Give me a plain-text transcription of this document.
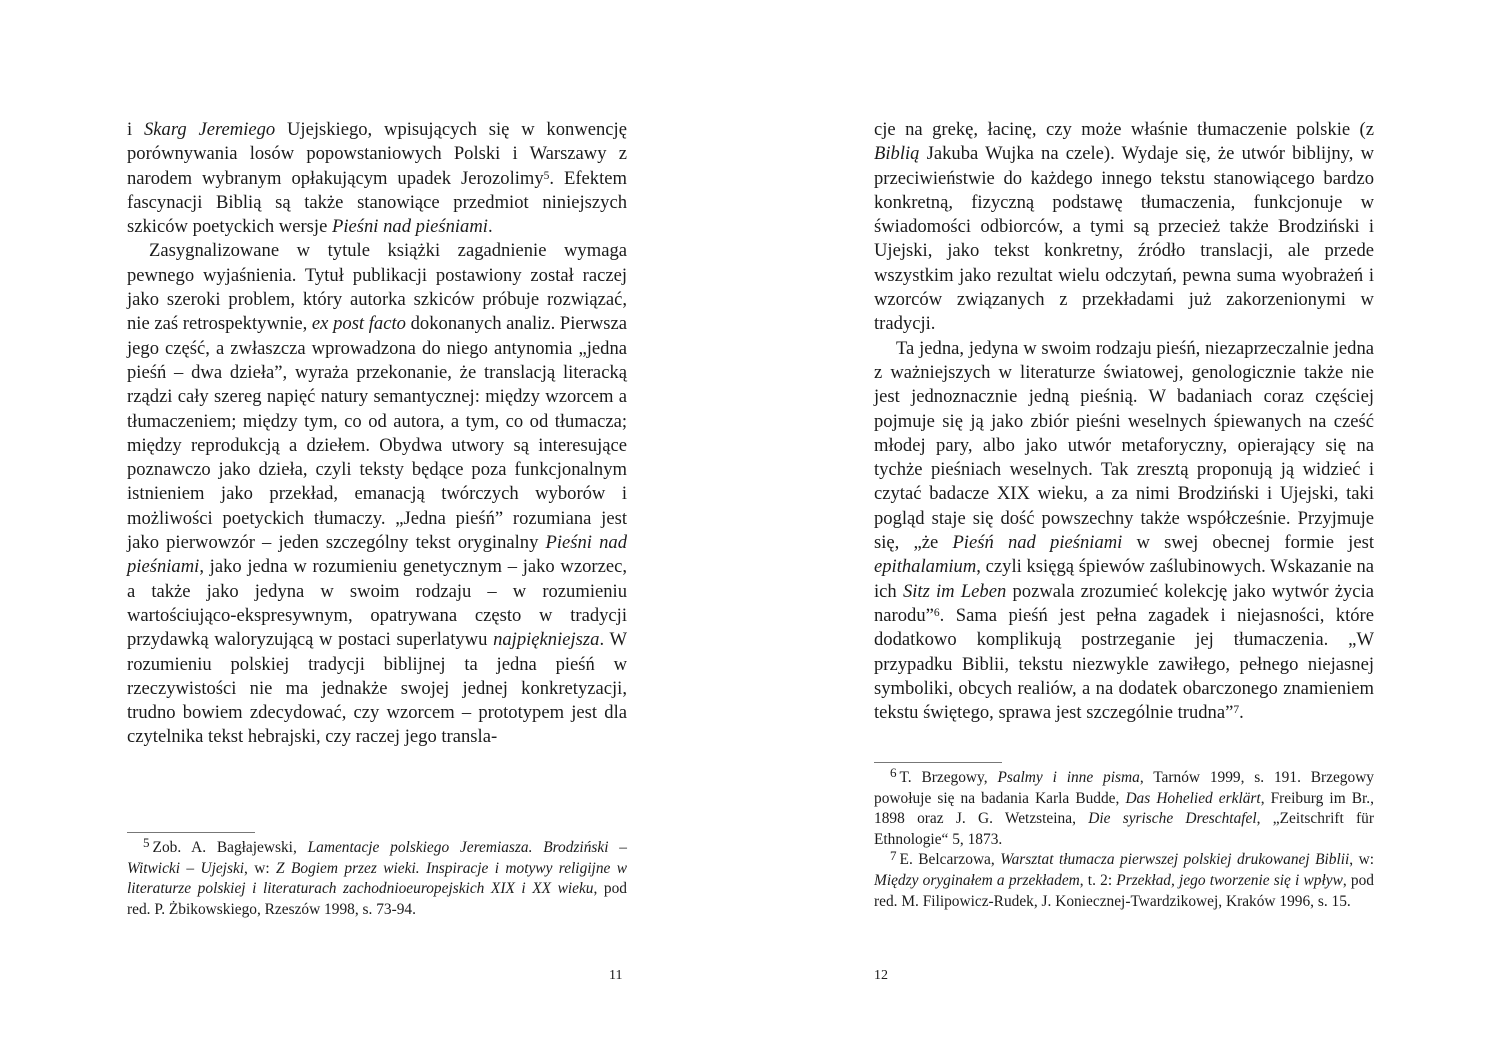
i Skarg Jeremiego Ujejskiego, wpisujących się w konwencję porównywania losów popowstaniowych Polski i Warszawy z narodem wybranym opłakującym upadek Jerozolimy$^5$. Efektem fascynacji Biblią są także stanowiące przedmiot niniejszych szkiców poetyckich wersje Pieśni nad pieśniami.

Zasygnalizowane w tytule książki zagadnienie wymaga pewnego wyjaśnienia. Tytuł publikacji postawiony został raczej jako szeroki problem, który autorka szkiców próbuje rozwiązać, nie zaś retrospektywnie, ex post facto dokonanych analiz. Pierwsza jego część, a zwłaszcza wprowadzona do niego antynomia „jedna pieśń – dwa dzieła”, wyraża przekonanie, że translacją literacką rządzi cały szereg napięć natury semantycznej: między wzorcem a tłumaczeniem; między tym, co od autora, a tym, co od tłumacza; między reprodukcją a dziełem. Obydwa utwory są interesujące poznawczo jako dzieła, czyli teksty będące poza funkcjonalnym istnieniem jako przekład, emanacją twórczych wyborów i możliwości poetyckich tłumaczy. „Jedna pieśń” rozumiana jest jako pierwowzór – jeden szczególny tekst oryginalny Pieśni nad pieśniami, jako jedna w rozumieniu genetycznym – jako wzorzec, a także jako jedyna w swoim rodzaju – w rozumieniu wartościująco-ekspresywnym, opatrywana często w tradycji przydawką waloryzującą w postaci superlatywu najpiękniejsza. W rozumieniu polskiej tradycji biblijnej ta jedna pieśń w rzeczywistości nie ma jednakże swojej jednej konkretyzacji, trudno bowiem zdecydować, czy wzorcem – prototypem jest dla czytelnika tekst hebrajski, czy raczej jego transla-

$^5$ Zob. A. Bagłajewski, Lamentacje polskiego Jeremiasza. Brodziński – Witwicki – Ujejski, w: Z Bogiem przez wieki. Inspiracje i motywy religijne w literaturze polskiej i literaturach zachodnioeuropejskich XIX i XX wieku, pod red. P. Żbikowskiego, Rzeszów 1998, s. 73-94.

cje na grekę, łacinę, czy może właśnie tłumaczenie polskie (z Biblią Jakuba Wujka na czele). Wydaje się, że utwór biblijny, w przeciwieństwie do każdego innego tekstu stanowiącego bardzo konkretną, fizyczną podstawę tłumaczenia, funkcjonuje w świadomości odbiorców, a tymi są przecież także Brodziński i Ujejski, jako tekst konkretny, źródło translacji, ale przede wszystkim jako rezultat wielu odczytań, pewna suma wyobrażeń i wzorców związanych z przekładami już zakorzenionymi w tradycji.

Ta jedna, jedyna w swoim rodzaju pieśń, niezaprzeczalnie jedna z ważniejszych w literaturze światowej, genologicznie także nie jest jednoznacznie jedną pieśnią. W badaniach coraz częściej pojmuje się ją jako zbiór pieśni weselnych śpiewanych na cześć młodej pary, albo jako utwór metaforyczny, opierający się na tychże pieśniach weselnych. Tak zresztą proponują ją widzieć i czytać badacze XIX wieku, a za nimi Brodziński i Ujejski, taki pogląd staje się dość powszechny także współcześnie. Przyjmuje się, „że Pieśń nad pieśniami w swej obecnej formie jest epithalamium, czyli księgą śpiewów zaślubinowych. Wskazanie na ich Sitz im Leben pozwala zrozumieć kolekcję jako wytwór życia narodu”$^6$. Sama pieśń jest pełna zagadek i niejasności, które dodatkowo komplikują postrzeganie jej tłumaczenia. „W przypadku Biblii, tekstu niezwykle zawiłego, pełnego niejasnej symboliki, obcych realiów, a na dodatek obarczonego znamieniem tekstu świętego, sprawa jest szczególnie trudna”$^7$.

$^6$ T. Brzegowy, Psalmy i inne pisma, Tarnów 1999, s. 191. Brzegowy powołuje się na badania Karla Budde, Das Hohelied erklärt, Freiburg im Br., 1898 oraz J. G. Wetzsteina, Die syrische Dreschtafel, „Zeitschrift für Ethnologie“ 5, 1873.

$^7$ E. Belcarzowa, Warsztat tłumacza pierwszej polskiej drukowanej Biblii, w: Między oryginałem a przekładem, t. 2: Przekład, jego tworzenie się i wpływ, pod red. M. Filipowicz-Rudek, J. Koniecznej-Twardzikowej, Kraków 1996, s. 15.

11	12
